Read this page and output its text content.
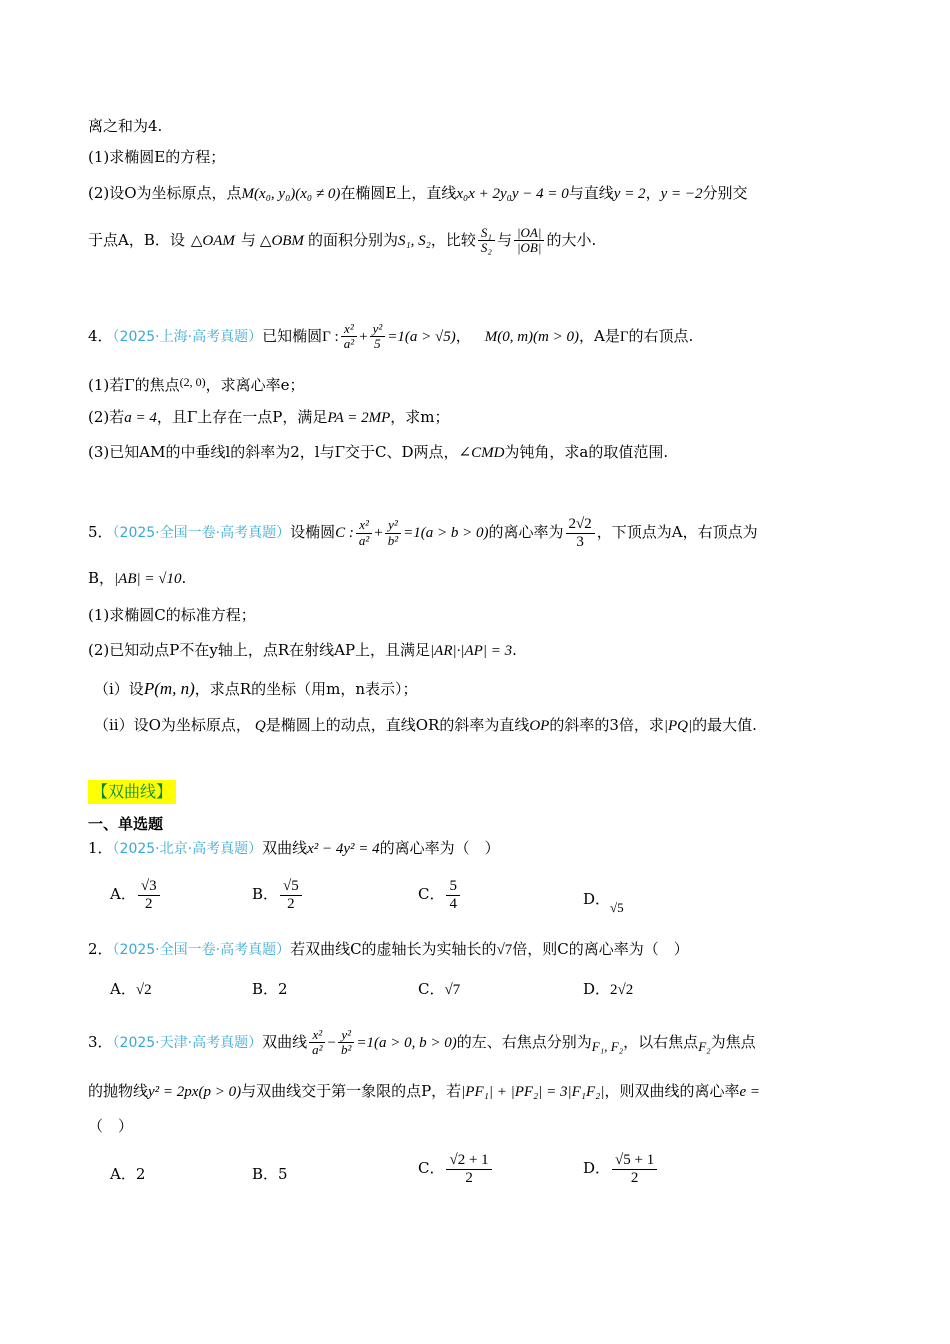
离之和为4.
(1)求椭圆E的方程；
(2)设O为坐标原点，点M(x₀, y₀)(x₀ ≠ 0)在椭圆E上，直线x₀x + 2y₀y − 4 = 0与直线y = 2，y = −2分别交
于点A，B．设 △OAM 与 △OBM 的面积分别为S₁, S₂，比较 $\frac{\text{S₁}}{\text{S₂}}$ 与 $\frac{|OA|}{|OB|}$ 的大小.
4．（2025·上海·高考真题）已知椭圆Γ : $\frac{\text{x²}}{\text{a²}} + \frac{\text{y²}}{5} =1(a > √5)$， M(0, m)(m > 0)，A是Γ的右顶点.
(1)若Γ的焦点$^{(2, 0)}$，求离心率e；
(2)若a = 4，且Γ上存在一点P，满足PA = 2MP，求m；
(3)已知AM的中垂线l的斜率为2，l与Γ交于C、D两点，∠CMD为钝角，求a的取值范围.
5．（2025·全国一卷·高考真题）设椭圆C : $\frac{\text{x²}}{\text{a²}} + \frac{\text{y²}}{\text{b²}} =1(a > b > 0)$的离心率为 $\frac{2√2}{3}$ ，下顶点为A，右顶点为
B，|AB| = √10.
(1)求椭圆C的标准方程；
(2)已知动点P不在y轴上，点R在射线AP上，且满足|AR|·|AP| = 3.
（i）设P(m, n)，求点R的坐标（用m，n表示）；
（ii）设O为坐标原点， Q是椭圆上的动点，直线OR的斜率为直线OP的斜率的3倍，求|PQ|的最大值.
【双曲线】
一、单选题
1．（2025·北京·高考真题）双曲线x² − 4y² = 4的离心率为（　）
A． $\frac{√3}{2}$	B． $\frac{√5}{2}$	C． $\frac{5}{4}$	D．√5
2．（2025·全国一卷·高考真题）若双曲线C的虚轴长为实轴长的√7倍，则C的离心率为（　）
A．√2	B．2	C．√7	D．2√2
3．（2025·天津·高考真题）双曲线 $\frac{\text{x²}}{\text{a²}} - \frac{\text{y²}}{\text{b²}} =1(a > 0$, b > 0)的左、右焦点分别为F₁, F₂，以右焦点F₂为焦点
的抛物线y² = 2px(p > 0)与双曲线交于第一象限的点P，若|PF₁| + |PF₂| = 3|F₁F₂|，则双曲线的离心率e =
（　）
A．2	B．5	C． $\frac{√2 + 1}{2}$	D． $\frac{√5 + 1}{2}$
